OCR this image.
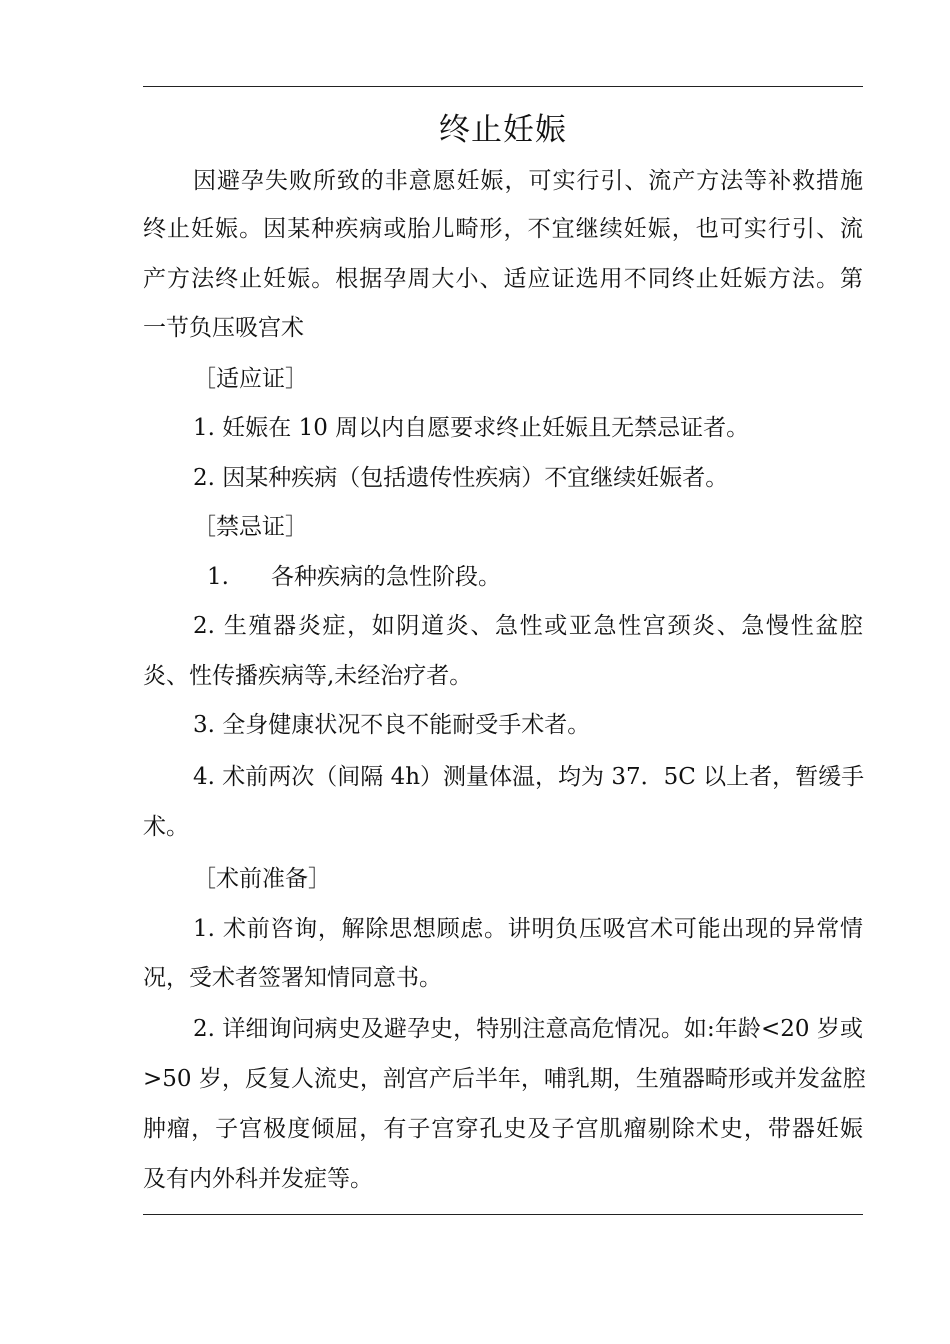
终止妊娠
因避孕失败所致的非意愿妊娠，可实行引、流产方法等补救措施
终止妊娠。因某种疾病或胎儿畸形，不宜继续妊娠，也可实行引、流
产方法终止妊娠。根据孕周大小、适应证选用不同终止妊娠方法。第
一节负压吸宫术
［适应证］
1. 妊娠在 10 周以内自愿要求终止妊娠且无禁忌证者。
2. 因某种疾病（包括遗传性疾病）不宜继续妊娠者。
［禁忌证］
1. 各种疾病的急性阶段。
2. 生殖器炎症，如阴道炎、急性或亚急性宫颈炎、急慢性盆腔
炎、性传播疾病等,未经治疗者。
3. 全身健康状况不良不能耐受手术者。
4. 术前两次（间隔 4h）测量体温，均为 37．5C 以上者，暂缓手
术。
［术前准备］
1. 术前咨询，解除思想顾虑。讲明负压吸宫术可能出现的异常情
况，受术者签署知情同意书。
2. 详细询问病史及避孕史，特别注意高危情况。如:年龄<20 岁或
>50 岁，反复人流史，剖宫产后半年，哺乳期，生殖器畸形或并发盆腔
肿瘤，子宫极度倾屈，有子宫穿孔史及子宫肌瘤剔除术史，带器妊娠
及有内外科并发症等。
